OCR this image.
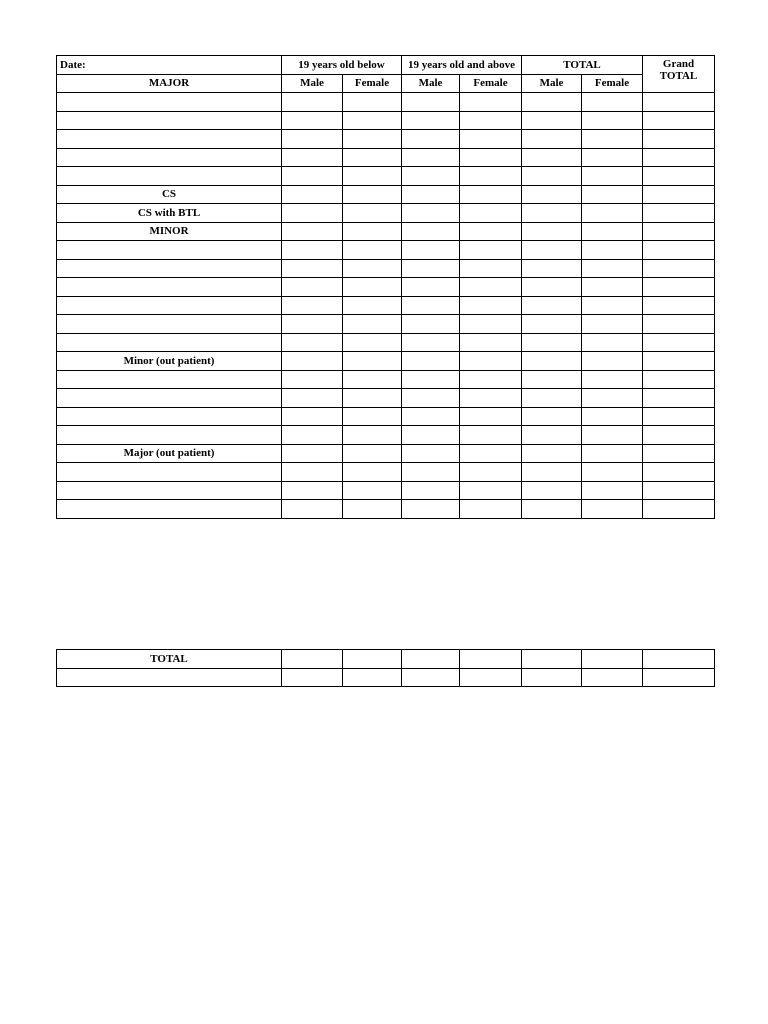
Date:	19 years old below		19 years old and above		TOTAL		Grand TOTAL
MAJOR	Male	Female	Male	Female	Male	Female	

CS							
CS with BTL							
MINOR							

Minor (out patient)							

Major (out patient)							

TOTAL							
